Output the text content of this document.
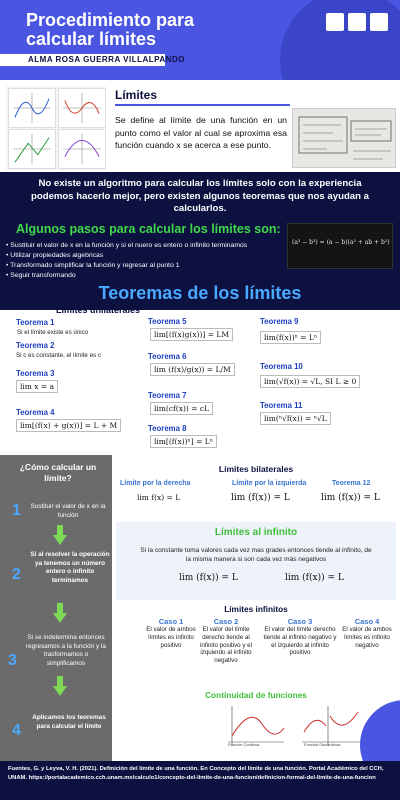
Procedimiento para calcular límites
ALMA ROSA GUERRA VILLALPANDO
Límites
Se define al límite de una función en un punto como el valor al cual se aproxima esa función cuando x se acerca a ese punto.
No existe un algoritmo para calcular los límites solo con la experiencia podemos hacerlo mejor, pero existen algunos teoremas que nos ayudan a calcularlos.
Algunos pasos para calcular los límites son:
• Sustituir el valor de x en la función y si el nuero es entero o infinito terminamos
• Utilizar propiedades algebricas
• Transformado simplificar la función y regresar al punto 1
• Seguir transformando
(a³ − b³) = (a − b)(a² + ab + b²)
Teoremas de los límites
Límites unilaterales
Teorema 1
Si el límite existe es único
Teorema 2
Si c es constante, el límite es c
Teorema 3
lim x = a
Teorema 4
lim[(f(x) + g(x))] = L + M
Teorema 5
lim[(f(x)g(x))] = LM
Teorema 6
lim (f(x)/g(x)) = L/M
Teorema 7
lim(cf(x)) = cL
Teorema 8
lim[(f(x))ⁿ] = Lⁿ
Teorema 9
lim(f(x))ⁿ = Lⁿ
Teorema 10
lim(√f(x)) = √L, SI L ≥ 0
Teorema 11
lim(ⁿ√f(x)) = ⁿ√L
¿Cómo calcular un límite?
1	Sustituir el valor de x en la función
2
Si al resolver la operación ya tenemos un número entero o infinito terminamos
3
Si se indetermina entonces regresamos a la función y la trasformamos o simplificamos
4
Aplicamos los teoremas para calcular el límite
Límites bilaterales
Límite por la derecha	Límite por la izquierda	Teorema 12
lim f(x) = L	lim (f(x)) = L	lim (f(x)) = L
Límites al infinito
Si la constante toma valores cada vez mas grades entonces tiende al infinito, de la misma manera si son cada vez más negativos
lim (f(x)) = L	lim (f(x)) = L
Límites infinitos
Caso 1
El valor de ambos límites es infinito positivo
Caso 2
El valor del límite derecho tiende al infinito positivo y el izquierdo al infinito negativo
Caso 3
El valor del límite derecho tiende al infinito negativo y el izquierdo al infinito positivo
Caso 4
El valor de ambos límites es infinito negativo
Continuidad de funciones
Función Continua	Función Discontinua
Fuentes, G. y Leyva, V. H. (2021). Definición del límite de una función. En Concepto del límite de una función. Portal Académico del CCH, UNAM. https://portalacademico.cch.unam.mx/calculo1/concepto-del-limite-de-una-funcion/definicion-formal-del-limite-de-una-funcion
